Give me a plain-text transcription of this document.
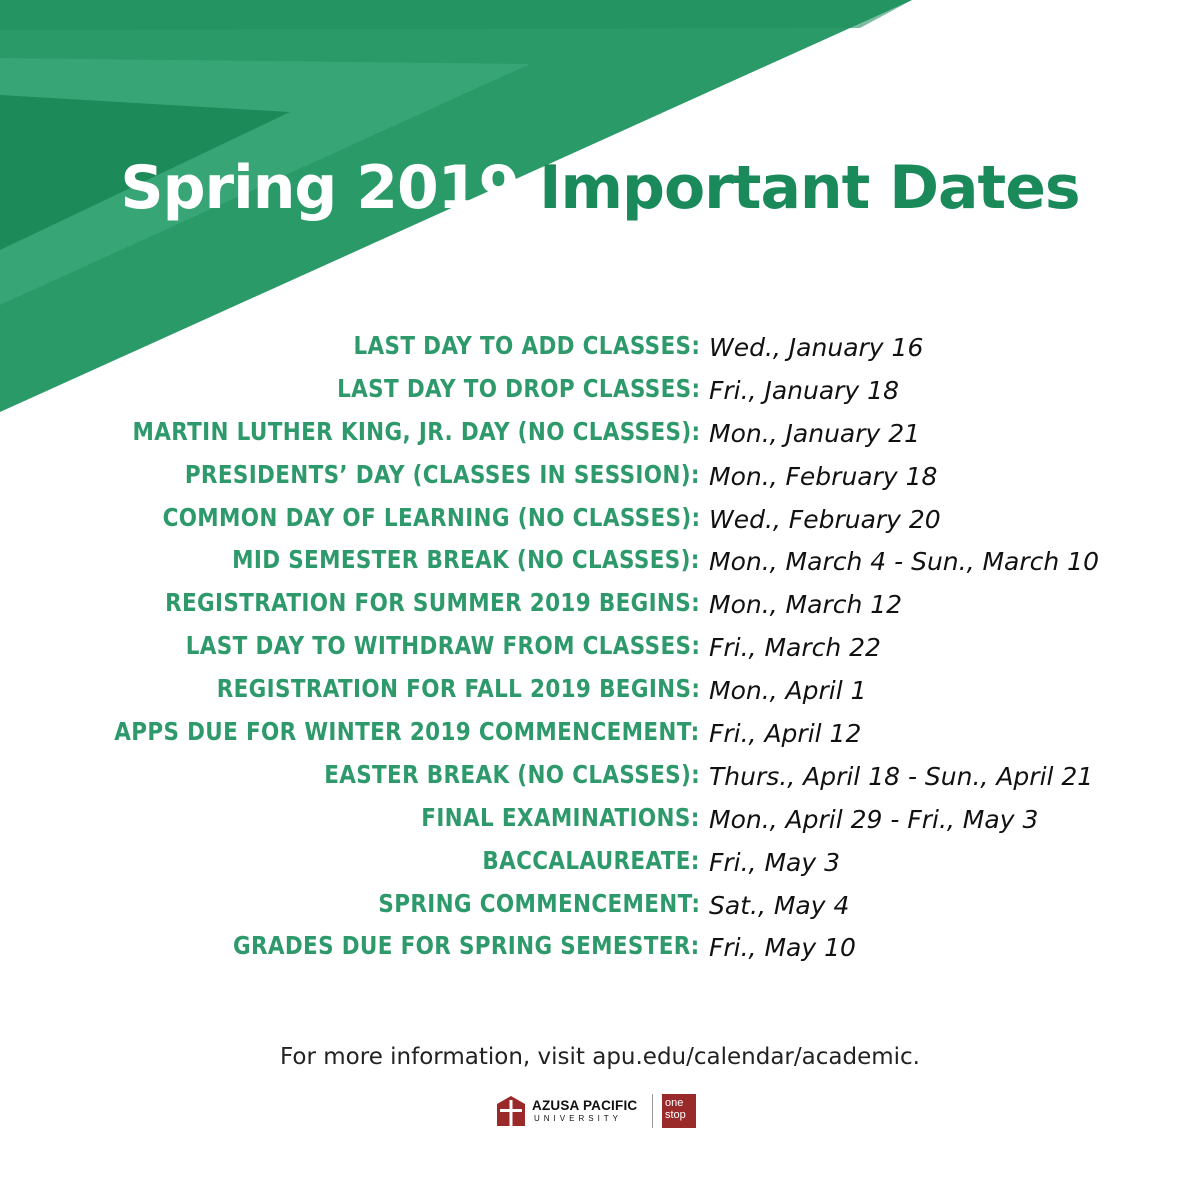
Spring 2019 Important Dates
LAST DAY TO ADD CLASSES: Wed., January 16
LAST DAY TO DROP CLASSES: Fri., January 18
MARTIN LUTHER KING, JR. DAY (NO CLASSES): Mon., January 21
PRESIDENTS’ DAY (CLASSES IN SESSION): Mon., February 18
COMMON DAY OF LEARNING (NO CLASSES): Wed., February 20
MID SEMESTER BREAK (NO CLASSES): Mon., March 4 - Sun., March 10
REGISTRATION FOR SUMMER 2019 BEGINS: Mon., March 12
LAST DAY TO WITHDRAW FROM CLASSES: Fri., March 22
REGISTRATION FOR FALL 2019 BEGINS: Mon., April 1
APPS DUE FOR WINTER 2019 COMMENCEMENT: Fri., April 12
EASTER BREAK (NO CLASSES): Thurs., April 18 - Sun., April 21
FINAL EXAMINATIONS: Mon., April 29 - Fri., May 3
BACCALAUREATE: Fri., May 3
SPRING COMMENCEMENT: Sat., May 4
GRADES DUE FOR SPRING SEMESTER: Fri., May 10
For more information, visit apu.edu/calendar/academic.
AZUSA PACIFIC
UNIVERSITY
one
stop
